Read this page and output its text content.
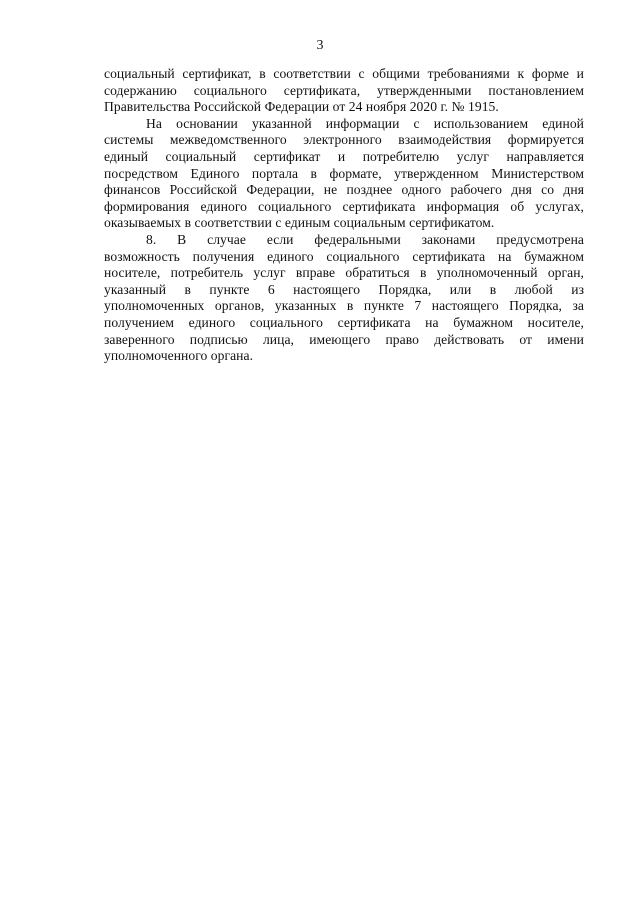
3
социальный сертификат, в соответствии с общими требованиями к форме и
содержанию социального сертификата, утвержденными постановлением
Правительства Российской Федерации от 24 ноября 2020 г. № 1915.
На основании указанной информации с использованием единой
системы межведомственного электронного взаимодействия формируется
единый социальный сертификат и потребителю услуг направляется
посредством Единого портала в формате, утвержденном Министерством
финансов Российской Федерации, не позднее одного рабочего дня со дня
формирования единого социального сертификата информация об услугах,
оказываемых в соответствии с единым социальным сертификатом.
8. В случае если федеральными законами предусмотрена
возможность получения единого социального сертификата на бумажном
носителе, потребитель услуг вправе обратиться в уполномоченный орган,
указанный в пункте 6 настоящего Порядка, или в любой из
уполномоченных органов, указанных в пункте 7 настоящего Порядка, за
получением единого социального сертификата на бумажном носителе,
заверенного подписью лица, имеющего право действовать от имени
уполномоченного органа.
